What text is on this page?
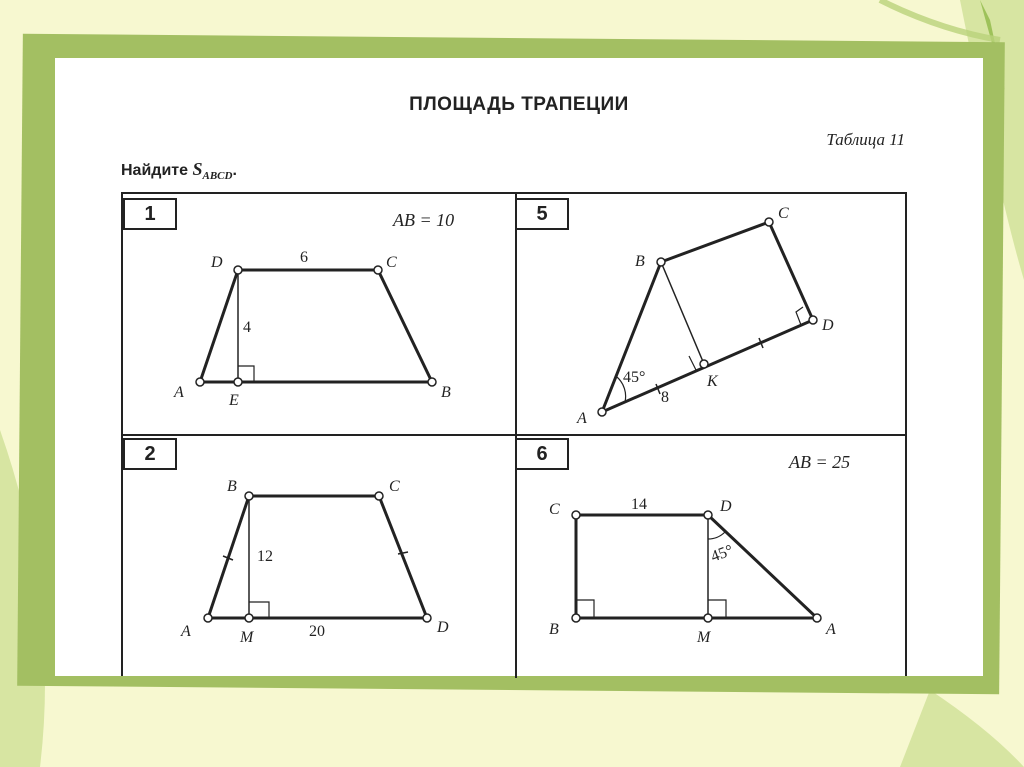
ПЛОЩАДЬ ТРАПЕЦИИ
Таблица 11
Найдите $S_{ABCD}$.
1	AB = 10	5
2	6	AB = 25
A	B
C
D
E
6
4
A
B
C
D
K
45°
8
A
B	C
D
M
12
20
C	D
A
B	M
14
45°
